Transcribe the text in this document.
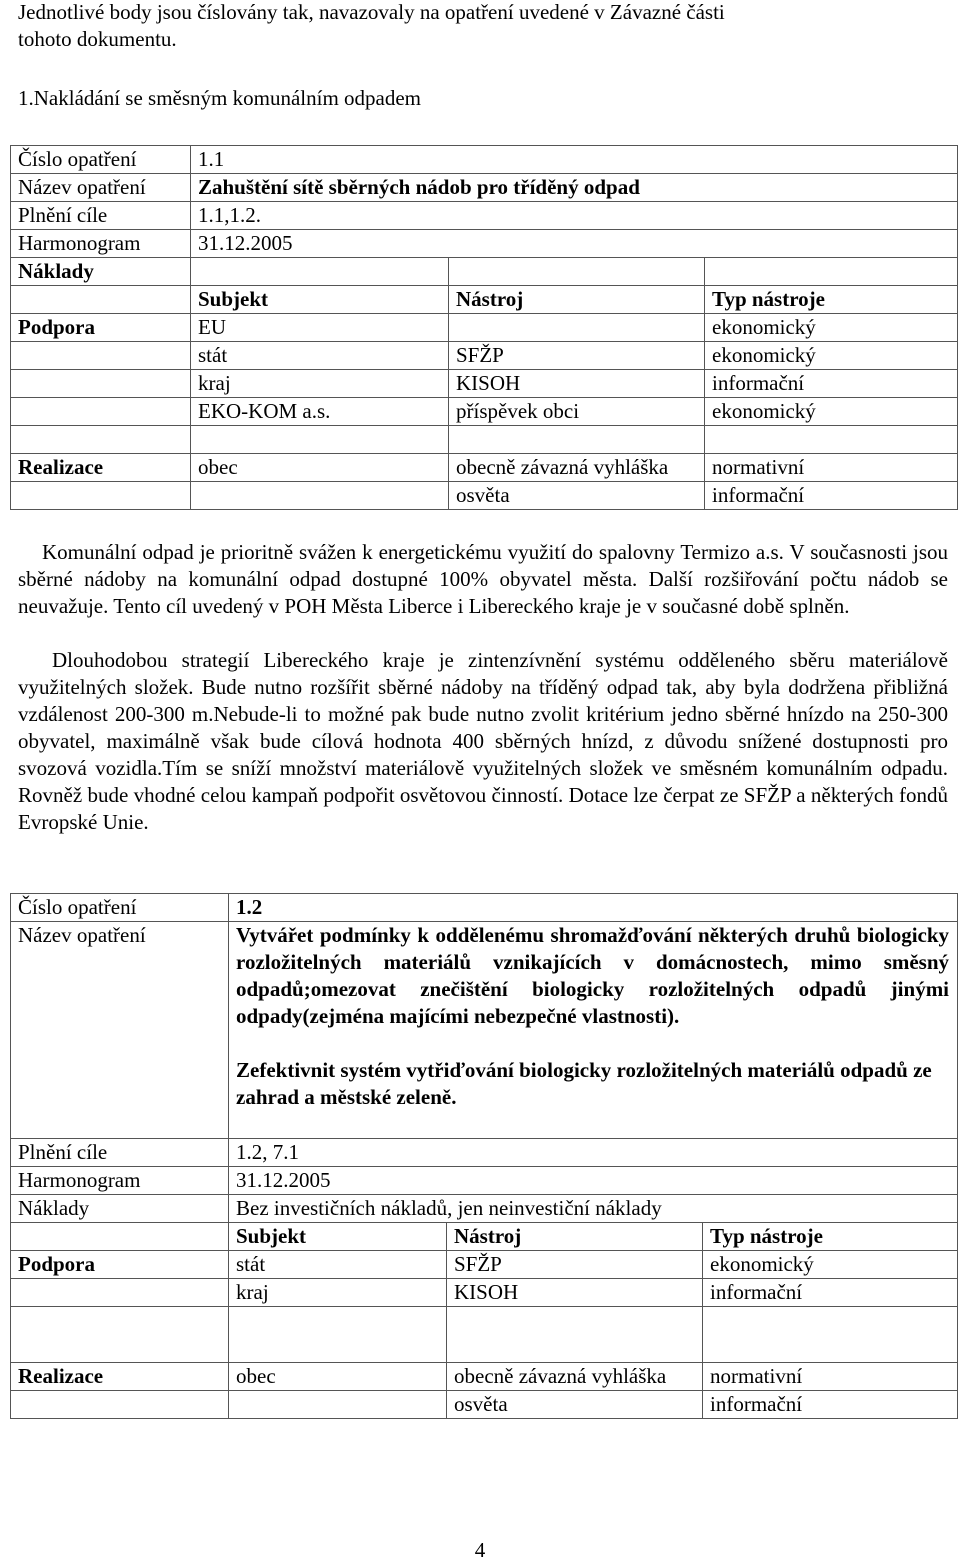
Jednotlivé body jsou číslovány tak, navazovaly na opatření uvedené v Závazné části
tohoto dokumentu.
1.Nakládání se směsným komunálním odpadem
Číslo opatření	1.1		
Název opatření	Zahuštění sítě sběrných nádob pro tříděný odpad		
Plnění cíle	1.1,1.2.		
Harmonogram	31.12.2005		
Náklady			
	Subjekt	Nástroj	Typ nástroje
Podpora	EU		ekonomický
	stát	SFŽP	ekonomický
	kraj	KISOH	informační
	EKO-KOM a.s.	příspěvek obci	ekonomický

Realizace	obec	obecně závazná vyhláška	normativní
		osvěta	informační
Komunální odpad je prioritně svážen k energetickému využití do spalovny Termizo a.s. V současnosti jsou sběrné nádoby na komunální odpad dostupné 100% obyvatel města. Další rozšiřování počtu nádob se neuvažuje. Tento cíl uvedený v POH Města Liberce i Libereckého kraje je v současné době splněn.
Dlouhodobou strategií Libereckého kraje je zintenzívnění systému odděleného sběru materiálově využitelných složek. Bude nutno rozšířit sběrné nádoby na tříděný odpad tak, aby byla dodržena přibližná vzdálenost 200-300 m.Nebude-li to možné pak bude nutno zvolit kritérium jedno sběrné hnízdo na 250-300 obyvatel, maximálně však bude cílová hodnota 400 sběrných hnízd, z důvodu snížené dostupnosti pro svozová vozidla.Tím se sníží množství materiálově využitelných složek ve směsném komunálním odpadu. Rovněž bude vhodné celou kampaň podpořit osvětovou činností. Dotace lze čerpat ze SFŽP a některých fondů Evropské Unie.
Číslo opatření	1.2		
Název opatření	Vytvářet podmínky k oddělenému shromažďování některých druhů biologicky rozložitelných materiálů vznikajících v domácnostech, mimo směsný odpadů;omezovat znečištění biologicky rozložitelných odpadů jinými odpady(zejména majícími nebezpečné vlastnosti).
Zefektivnit systém vytřiďování biologicky rozložitelných materiálů odpadů ze zahrad a městské zeleně.		

Plnění cíle	1.2, 7.1		
Harmonogram	31.12.2005		
Náklady	Bez investičních nákladů, jen neinvestiční náklady		
	Subjekt	Nástroj	Typ nástroje
Podpora	stát	SFŽP	ekonomický
	kraj	KISOH	informační

Realizace	obec	obecně závazná vyhláška	normativní
		osvěta	informační
4
